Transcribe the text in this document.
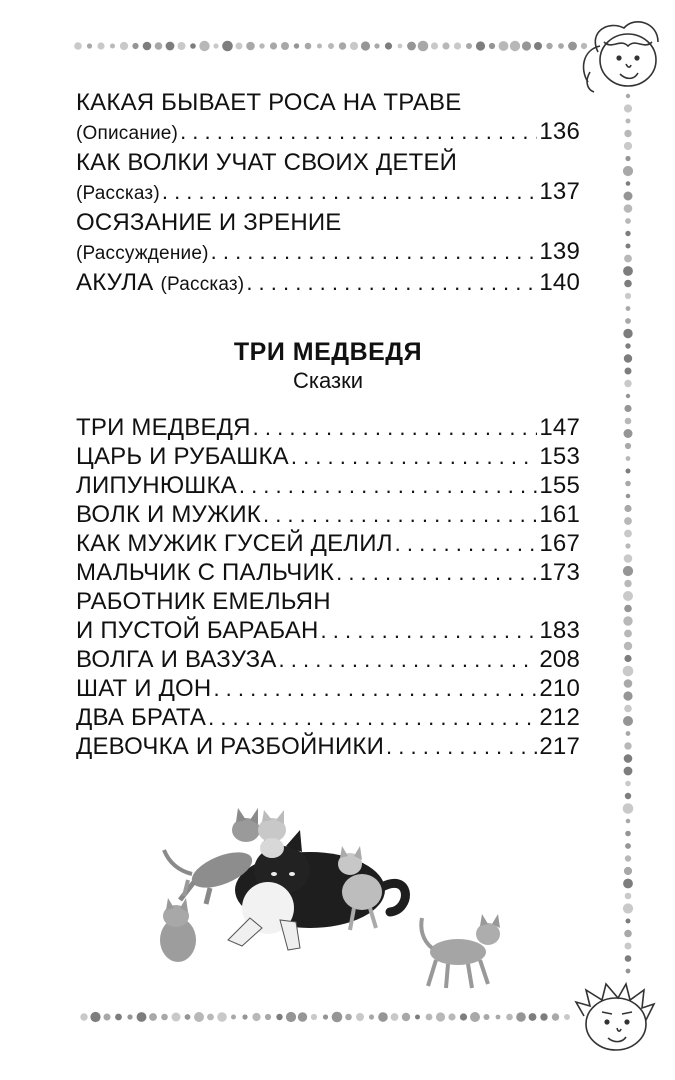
КАКАЯ БЫВАЕТ РОСА НА ТРАВЕ
(Описание) . . .	136
КАК ВОЛКИ УЧАТ СВОИХ ДЕТЕЙ
(Рассказ) . . .	137
ОСЯЗАНИЕ И ЗРЕНИЕ
(Рассуждение) . . .	139
АКУЛА (Рассказ) . . .	140
ТРИ МЕДВЕДЯ
Сказки
ТРИ МЕДВЕДЯ . . .	147
ЦАРЬ И РУБАШКА . . .	153
ЛИПУНЮШКА . . .	155
ВОЛК И МУЖИК . . .	161
КАК МУЖИК ГУСЕЙ ДЕЛИЛ . . .	167
МАЛЬЧИК С ПАЛЬЧИК . . .	173
РАБОТНИК ЕМЕЛЬЯН
И ПУСТОЙ БАРАБАН . . .	183
ВОЛГА И ВАЗУЗА . . .	208
ШАТ И ДОН . . .	210
ДВА БРАТА . . .	212
ДЕВОЧКА И РАЗБОЙНИКИ . . .	217
